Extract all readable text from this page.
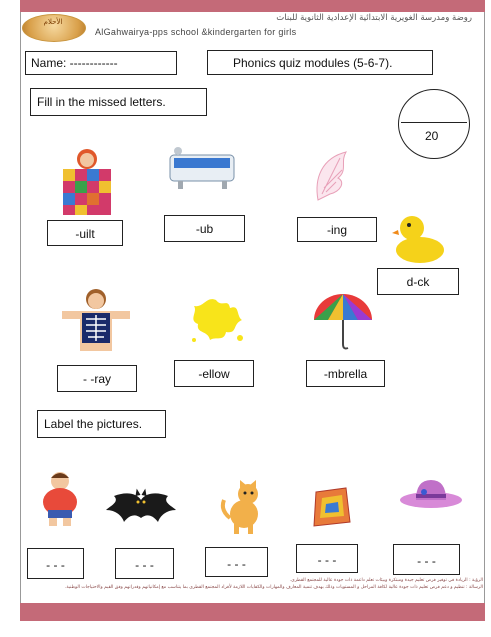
الأحلام	روضة ومدرسة الغويرية الابتدائية الإعدادية الثانوية للبنات
AlGahwairya-pps school &kindergarten for girls
Name: ------------	Phonics quiz modules (5-6-7).
20
Fill in the missed letters.
-uilt	-ub	-ing
d-ck
- -ray	-ellow	-mbrella
Label the pictures.
- - -	- - -	- - -	- - -	- - -
الرؤية : الريادة في توفير فرص تعليم جيدة ومبتكرة وبيئات تعلم داعمة ذات جودة عالية للمجتمع القطري.
الرسالة : تنظيم و دعم فرص تعليم ذات جودة عالية لكافة المراحل و المستويات وذلك بهدف تنمية المعارف والمهارات والكفايات اللازمة لأفراد المجتمع القطري بما يتناسب مع إمكانياتهم وقدراتهم وفق القيم والاحتياجات الوطنية.
